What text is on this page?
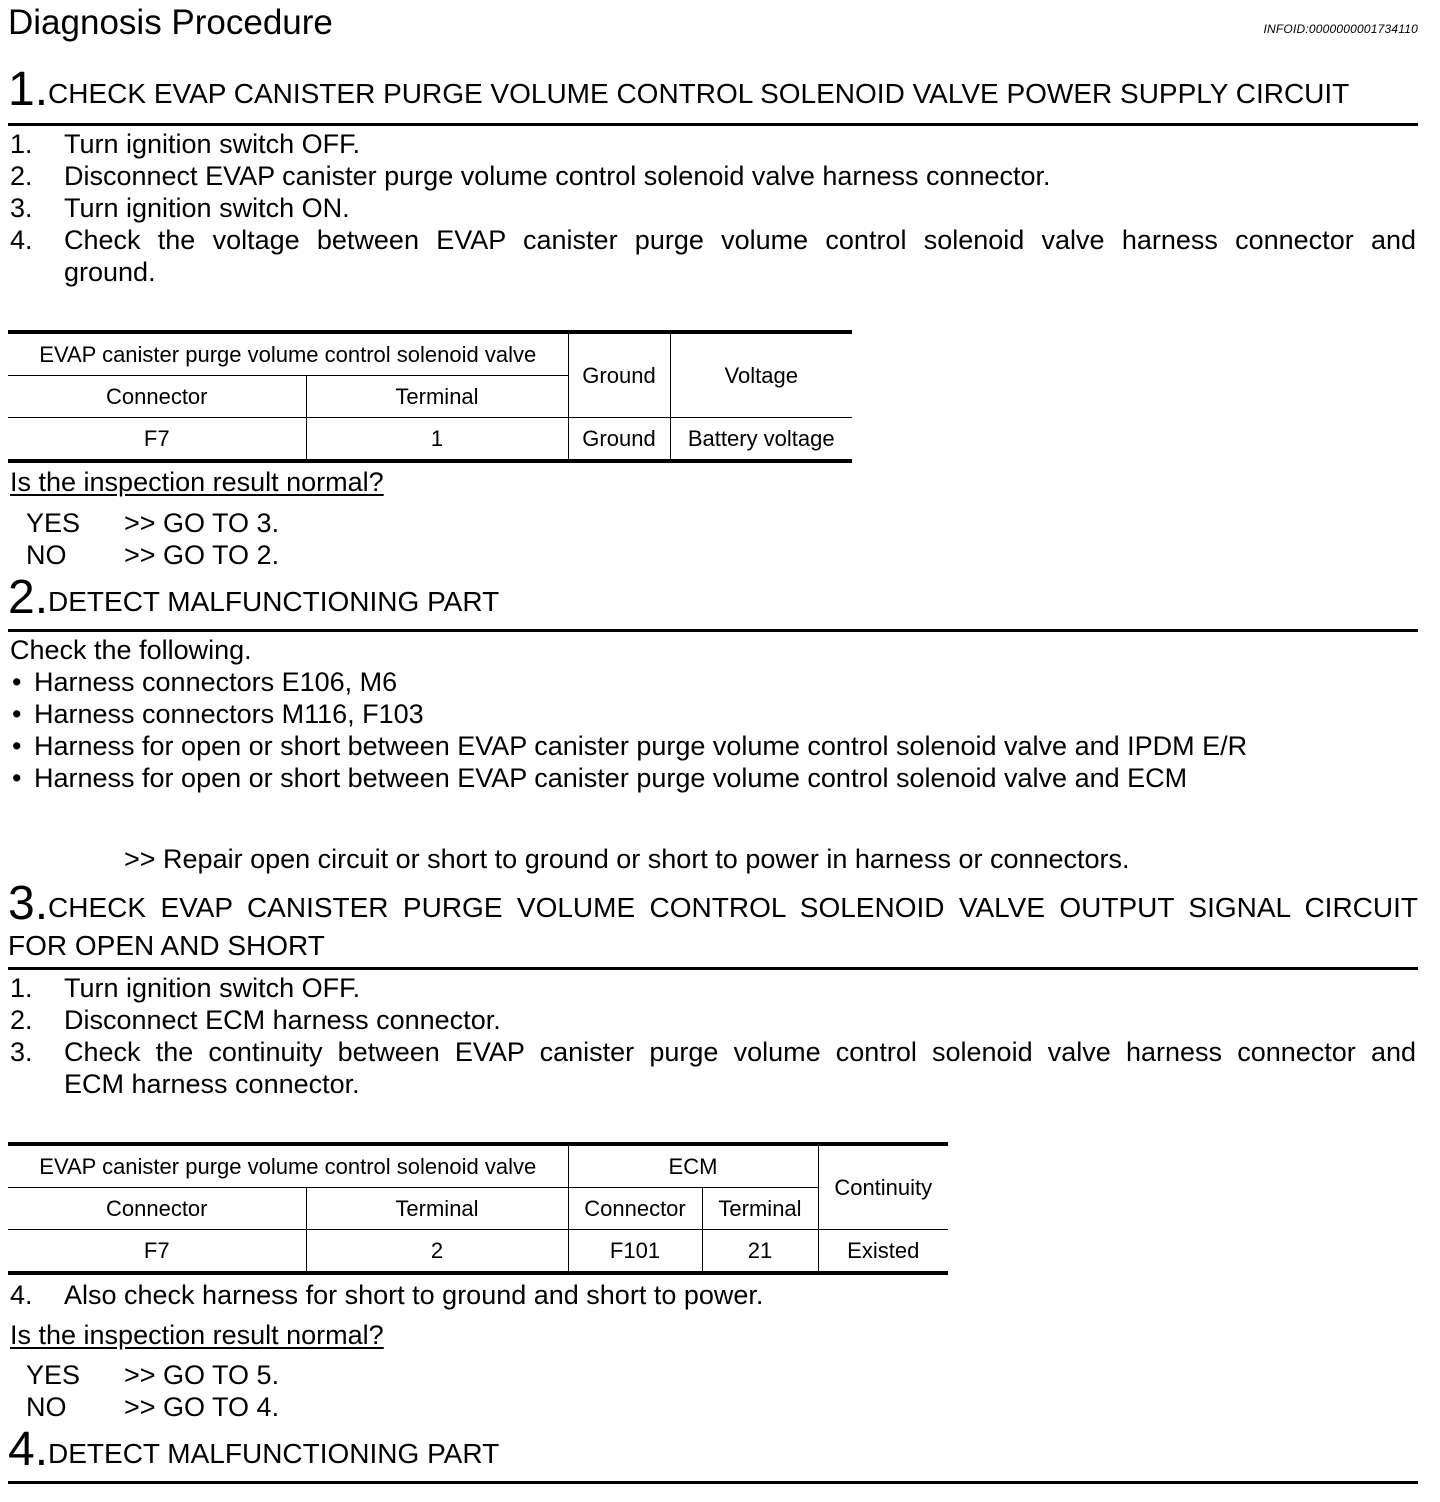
Diagnosis Procedure	INFOID:0000000001734110
1.CHECK EVAP CANISTER PURGE VOLUME CONTROL SOLENOID VALVE POWER SUPPLY CIRCUIT
1. Turn ignition switch OFF.
2. Disconnect EVAP canister purge volume control solenoid valve harness connector.
3. Turn ignition switch ON.
4. Check the voltage between EVAP canister purge volume control solenoid valve harness connector and
ground.
EVAP canister purge volume control solenoid valve		Ground	Voltage
Connector	Terminal		
F7	1	Ground	Battery voltage
Is the inspection result normal?
YES >> GO TO 3.
NO >> GO TO 2.
2.DETECT MALFUNCTIONING PART
Check the following.
• Harness connectors E106, M6
• Harness connectors M116, F103
• Harness for open or short between EVAP canister purge volume control solenoid valve and IPDM E/R
• Harness for open or short between EVAP canister purge volume control solenoid valve and ECM
>> Repair open circuit or short to ground or short to power in harness or connectors.
3.CHECK EVAP CANISTER PURGE VOLUME CONTROL SOLENOID VALVE OUTPUT SIGNAL CIRCUIT
FOR OPEN AND SHORT
1. Turn ignition switch OFF.
2. Disconnect ECM harness connector.
3. Check the continuity between EVAP canister purge volume control solenoid valve harness connector and
ECM harness connector.
EVAP canister purge volume control solenoid valve		ECM		Continuity
Connector	Terminal	Connector	Terminal	
F7	2	F101	21	Existed
4. Also check harness for short to ground and short to power.
Is the inspection result normal?
YES >> GO TO 5.
NO >> GO TO 4.
4.DETECT MALFUNCTIONING PART
